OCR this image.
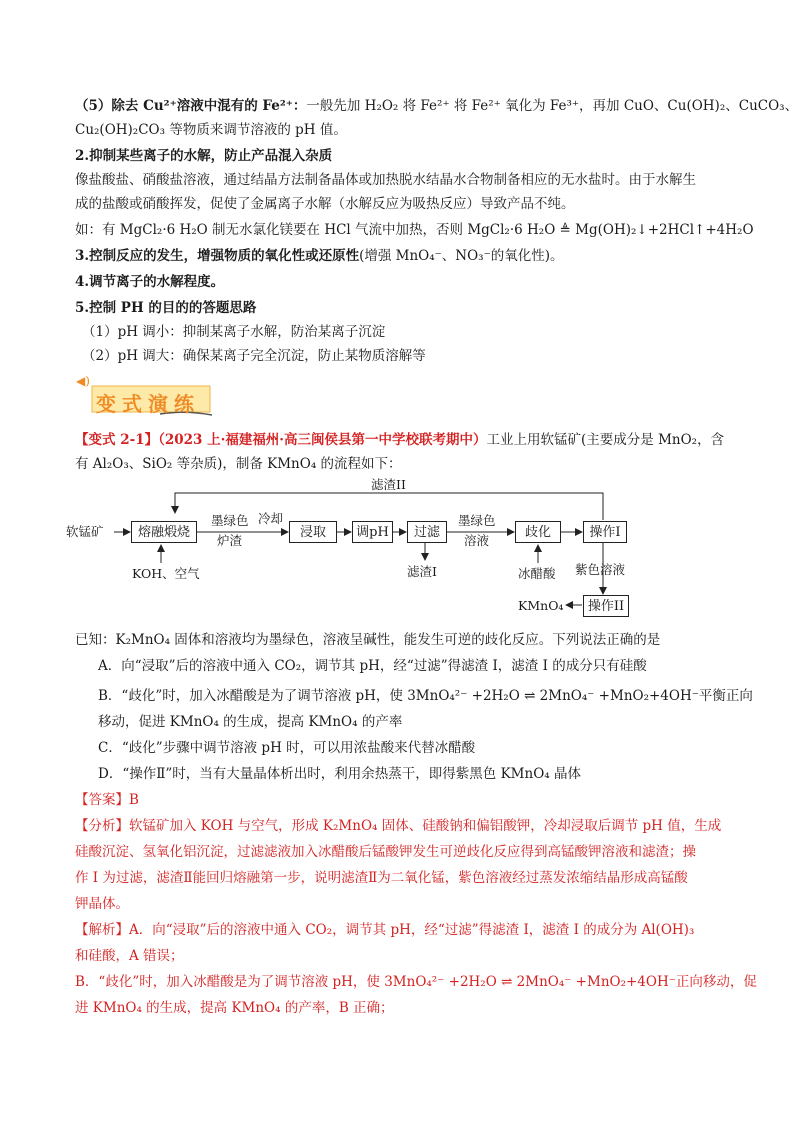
（5）除去 Cu²⁺溶液中混有的 Fe²⁺：一般先加 H₂O₂ 将 Fe²⁺ 将 Fe²⁺ 氧化为 Fe³⁺，再加 CuO、Cu(OH)₂、CuCO₃、
Cu₂(OH)₂CO₃ 等物质来调节溶液的 pH 值。
2.抑制某些离子的水解，防止产品混入杂质
像盐酸盐、硝酸盐溶液，通过结晶方法制备晶体或加热脱水结晶水合物制备相应的无水盐时。由于水解生
成的盐酸或硝酸挥发，促使了金属离子水解（水解反应为吸热反应）导致产品不纯。
如：有 MgCl₂·6 H₂O 制无水氯化镁要在 HCl 气流中加热，否则 MgCl₂·6 H₂O ≜ Mg(OH)₂↓+2HCl↑+4H₂O
3.控制反应的发生，增强物质的氧化性或还原性(增强 MnO₄⁻、NO₃⁻的氧化性)。
4.调节离子的水解程度。
5.控制 PH 的目的的答题思路
（1）pH 调小：抑制某离子水解，防治某离子沉淀
（2）pH 调大：确保某离子完全沉淀，防止某物质溶解等
◀︎)
变式演练
【变式 2-1】（2023 上·福建福州·高三闽侯县第一中学校联考期中）工业上用软锰矿(主要成分是 MnO₂，含
有 Al₂O₃、SiO₂ 等杂质)，制备 KMnO₄ 的流程如下：
软锰矿	熔融煅烧
KOH、空气
墨绿色
炉渣
冷却
浸取	调pH	过滤
滤渣I
墨绿色
溶液
歧化
冰醋酸
操作I
紫色溶液
操作II
KMnO₄
滤渣II
已知：K₂MnO₄ 固体和溶液均为墨绿色，溶液呈碱性，能发生可逆的歧化反应。下列说法正确的是
A．向“浸取”后的溶液中通入 CO₂，调节其 pH，经“过滤”得滤渣 I，滤渣 I 的成分只有硅酸
B．“歧化”时，加入冰醋酸是为了调节溶液 pH，使 3MnO₄²⁻ +2H₂O ⇌ 2MnO₄⁻ +MnO₂+4OH⁻平衡正向
移动，促进 KMnO₄ 的生成，提高 KMnO₄ 的产率
C．“歧化”步骤中调节溶液 pH 时，可以用浓盐酸来代替冰醋酸
D．“操作Ⅱ”时，当有大量晶体析出时，利用余热蒸干，即得紫黑色 KMnO₄ 晶体
【答案】B
【分析】软锰矿加入 KOH 与空气，形成 K₂MnO₄ 固体、硅酸钠和偏铝酸钾，冷却浸取后调节 pH 值，生成
硅酸沉淀、氢氧化铝沉淀，过滤滤液加入冰醋酸后锰酸钾发生可逆歧化反应得到高锰酸钾溶液和滤渣；操
作 I 为过滤，滤渣Ⅱ能回归熔融第一步，说明滤渣Ⅱ为二氧化锰，紫色溶液经过蒸发浓缩结晶形成高锰酸
钾晶体。
【解析】A．向“浸取”后的溶液中通入 CO₂，调节其 pH，经“过滤”得滤渣 I，滤渣 I 的成分为 Al(OH)₃
和硅酸，A 错误；
B．“歧化”时，加入冰醋酸是为了调节溶液 pH，使 3MnO₄²⁻ +2H₂O ⇌ 2MnO₄⁻ +MnO₂+4OH⁻正向移动，促
进 KMnO₄ 的生成，提高 KMnO₄ 的产率，B 正确；
